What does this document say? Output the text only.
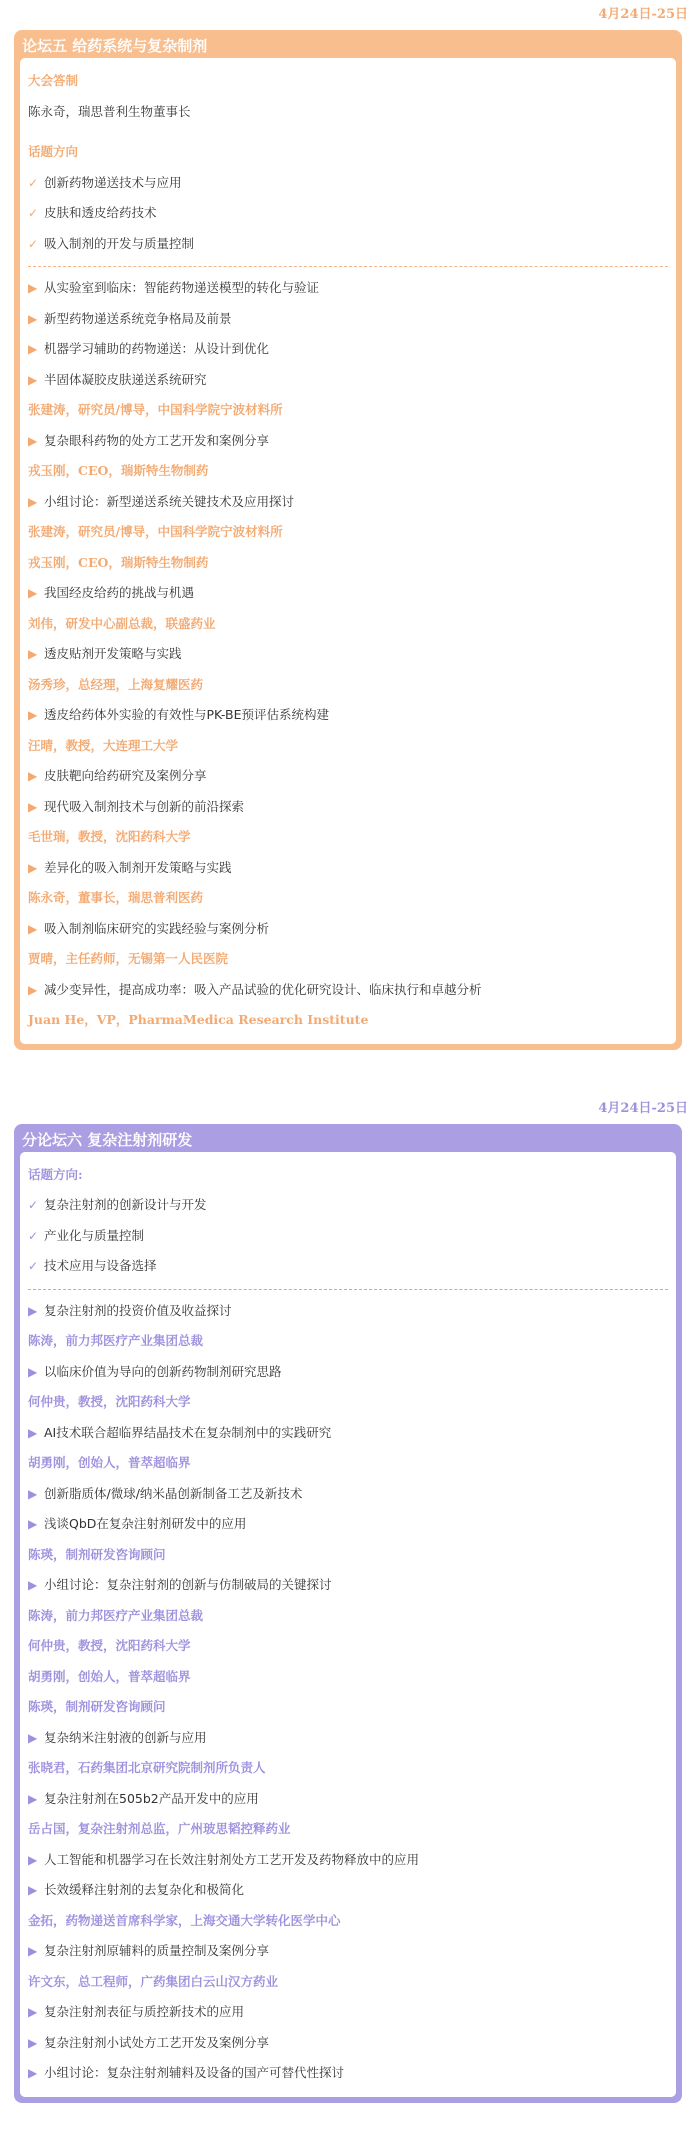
4月24日-25日
论坛五 给药系统与复杂制剂
大会答制
陈永奇，瑞思普利生物董事长
话题方向
✓ 创新药物递送技术与应用
✓ 皮肤和透皮给药技术
✓ 吸入制剂的开发与质量控制
▶ 从实验室到临床：智能药物递送模型的转化与验证
▶ 新型药物递送系统竞争格局及前景
▶ 机器学习辅助的药物递送：从设计到优化
▶ 半固体凝胶皮肤递送系统研究
张建涛，研究员/博导，中国科学院宁波材料所
▶ 复杂眼科药物的处方工艺开发和案例分享
戎玉刚，CEO，瑞斯特生物制药
▶ 小组讨论：新型递送系统关键技术及应用探讨
张建涛，研究员/博导，中国科学院宁波材料所
戎玉刚，CEO，瑞斯特生物制药
▶ 我国经皮给药的挑战与机遇
刘伟，研发中心副总裁，联盛药业
▶ 透皮贴剂开发策略与实践
汤秀珍，总经理，上海复耀医药
▶ 透皮给药体外实验的有效性与PK-BE预评估系统构建
汪晴，教授，大连理工大学
▶ 皮肤靶向给药研究及案例分享
▶ 现代吸入制剂技术与创新的前沿探索
毛世瑞，教授，沈阳药科大学
▶ 差异化的吸入制剂开发策略与实践
陈永奇，董事长，瑞思普利医药
▶ 吸入制剂临床研究的实践经验与案例分析
贾晴，主任药师，无锡第一人民医院
▶ 减少变异性，提高成功率：吸入产品试验的优化研究设计、临床执行和卓越分析
Juan He，VP，PharmaMedica Research Institute
4月24日-25日
分论坛六 复杂注射剂研发
话题方向:
✓ 复杂注射剂的创新设计与开发
✓ 产业化与质量控制
✓ 技术应用与设备选择
▶ 复杂注射剂的投资价值及收益探讨
陈涛，前力邦医疗产业集团总裁
▶ 以临床价值为导向的创新药物制剂研究思路
何仲贵，教授，沈阳药科大学
▶ AI技术联合超临界结晶技术在复杂制剂中的实践研究
胡勇刚，创始人，普萃超临界
▶ 创新脂质体/微球/纳米晶创新制备工艺及新技术
▶ 浅谈QbD在复杂注射剂研发中的应用
陈瑛，制剂研发咨询顾问
▶ 小组讨论：复杂注射剂的创新与仿制破局的关键探讨
陈涛，前力邦医疗产业集团总裁
何仲贵，教授，沈阳药科大学
胡勇刚，创始人，普萃超临界
陈瑛，制剂研发咨询顾问
▶ 复杂纳米注射液的创新与应用
张晓君，石药集团北京研究院制剂所负责人
▶ 复杂注射剂在505b2产品开发中的应用
岳占国，复杂注射剂总监，广州玻思韬控释药业
▶ 人工智能和机器学习在长效注射剂处方工艺开发及药物释放中的应用
▶ 长效缓释注射剂的去复杂化和极简化
金拓，药物递送首席科学家，上海交通大学转化医学中心
▶ 复杂注射剂原辅料的质量控制及案例分享
许文东，总工程师，广药集团白云山汉方药业
▶ 复杂注射剂表征与质控新技术的应用
▶ 复杂注射剂小试处方工艺开发及案例分享
▶ 小组讨论：复杂注射剂辅料及设备的国产可替代性探讨
